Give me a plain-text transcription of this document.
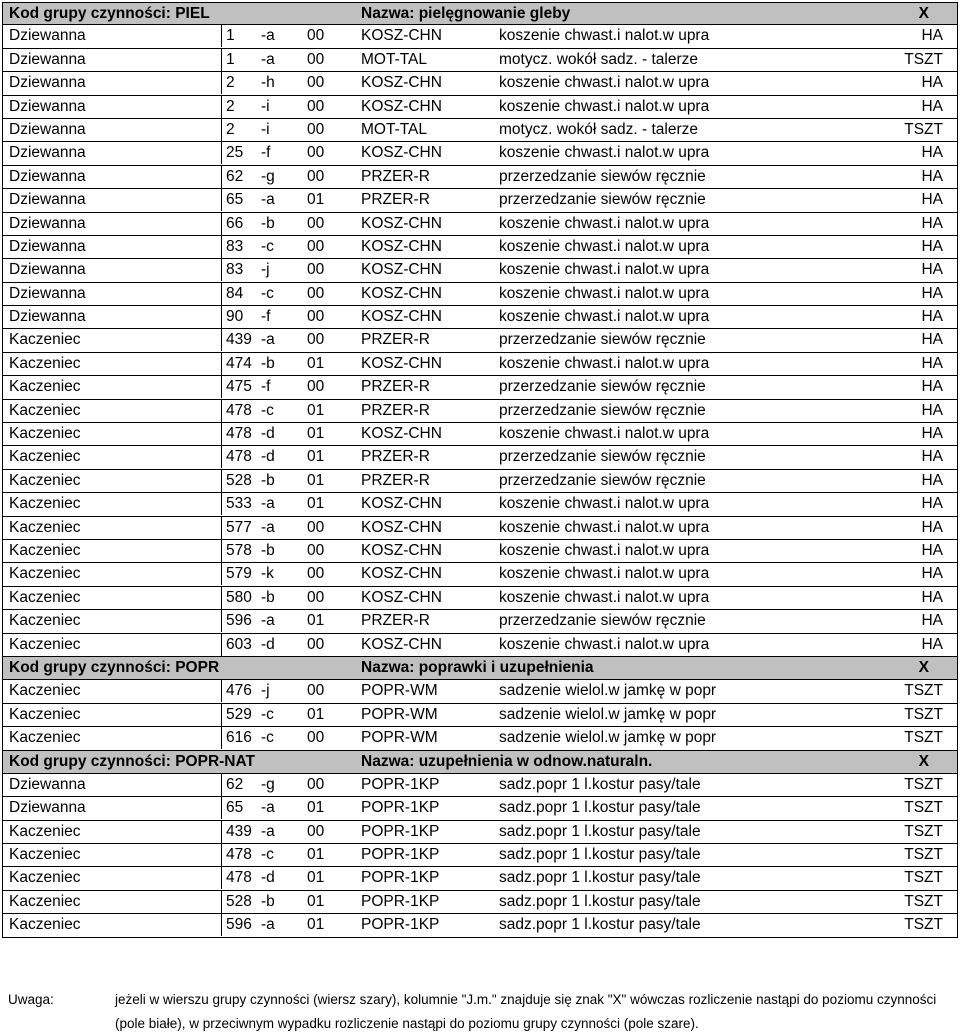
Kod grupy czynności: PIEL	Nazwa: pielęgnowanie gleby	X
Dziewanna	1 -a 00 KOSZ-CHN	koszenie chwast.i nalot.w upra	HA
Dziewanna	1 -a 00 MOT-TAL	motycz. wokół sadz. - talerze	TSZT
Dziewanna	2 -h 00 KOSZ-CHN	koszenie chwast.i nalot.w upra	HA
Dziewanna	2 -i 00 KOSZ-CHN	koszenie chwast.i nalot.w upra	HA
Dziewanna	2 -i 00 MOT-TAL	motycz. wokół sadz. - talerze	TSZT
Dziewanna	25 -f 00 KOSZ-CHN	koszenie chwast.i nalot.w upra	HA
Dziewanna	62 -g 00 PRZER-R	przerzedzanie siewów ręcznie	HA
Dziewanna	65 -a 01 PRZER-R	przerzedzanie siewów ręcznie	HA
Dziewanna	66 -b 00 KOSZ-CHN	koszenie chwast.i nalot.w upra	HA
Dziewanna	83 -c 00 KOSZ-CHN	koszenie chwast.i nalot.w upra	HA
Dziewanna	83 -j 00 KOSZ-CHN	koszenie chwast.i nalot.w upra	HA
Dziewanna	84 -c 00 KOSZ-CHN	koszenie chwast.i nalot.w upra	HA
Dziewanna	90 -f 00 KOSZ-CHN	koszenie chwast.i nalot.w upra	HA
Kaczeniec	439 -a 00 PRZER-R	przerzedzanie siewów ręcznie	HA
Kaczeniec	474 -b 01 KOSZ-CHN	koszenie chwast.i nalot.w upra	HA
Kaczeniec	475 -f 00 PRZER-R	przerzedzanie siewów ręcznie	HA
Kaczeniec	478 -c 01 PRZER-R	przerzedzanie siewów ręcznie	HA
Kaczeniec	478 -d 01 KOSZ-CHN	koszenie chwast.i nalot.w upra	HA
Kaczeniec	478 -d 01 PRZER-R	przerzedzanie siewów ręcznie	HA
Kaczeniec	528 -b 01 PRZER-R	przerzedzanie siewów ręcznie	HA
Kaczeniec	533 -a 01 KOSZ-CHN	koszenie chwast.i nalot.w upra	HA
Kaczeniec	577 -a 00 KOSZ-CHN	koszenie chwast.i nalot.w upra	HA
Kaczeniec	578 -b 00 KOSZ-CHN	koszenie chwast.i nalot.w upra	HA
Kaczeniec	579 -k 00 KOSZ-CHN	koszenie chwast.i nalot.w upra	HA
Kaczeniec	580 -b 00 KOSZ-CHN	koszenie chwast.i nalot.w upra	HA
Kaczeniec	596 -a 01 PRZER-R	przerzedzanie siewów ręcznie	HA
Kaczeniec	603 -d 00 KOSZ-CHN	koszenie chwast.i nalot.w upra	HA
Kod grupy czynności: POPR	Nazwa: poprawki i uzupełnienia	X
Kaczeniec	476 -j 00 POPR-WM	sadzenie wielol.w jamkę w popr	TSZT
Kaczeniec	529 -c 01 POPR-WM	sadzenie wielol.w jamkę w popr	TSZT
Kaczeniec	616 -c 00 POPR-WM	sadzenie wielol.w jamkę w popr	TSZT
Kod grupy czynności: POPR-NAT	Nazwa: uzupełnienia w odnow.naturaln.	X
Dziewanna	62 -g 00 POPR-1KP	sadz.popr 1 l.kostur pasy/tale	TSZT
Dziewanna	65 -a 01 POPR-1KP	sadz.popr 1 l.kostur pasy/tale	TSZT
Kaczeniec	439 -a 00 POPR-1KP	sadz.popr 1 l.kostur pasy/tale	TSZT
Kaczeniec	478 -c 01 POPR-1KP	sadz.popr 1 l.kostur pasy/tale	TSZT
Kaczeniec	478 -d 01 POPR-1KP	sadz.popr 1 l.kostur pasy/tale	TSZT
Kaczeniec	528 -b 01 POPR-1KP	sadz.popr 1 l.kostur pasy/tale	TSZT
Kaczeniec	596 -a 01 POPR-1KP	sadz.popr 1 l.kostur pasy/tale	TSZT
Uwaga:	jeżeli w wierszu grupy czynności (wiersz szary), kolumnie "J.m." znajduje się znak "X" wówczas rozliczenie nastąpi do poziomu czynności (pole białe), w przeciwnym wypadku rozliczenie nastąpi do poziomu grupy czynności (pole szare).
